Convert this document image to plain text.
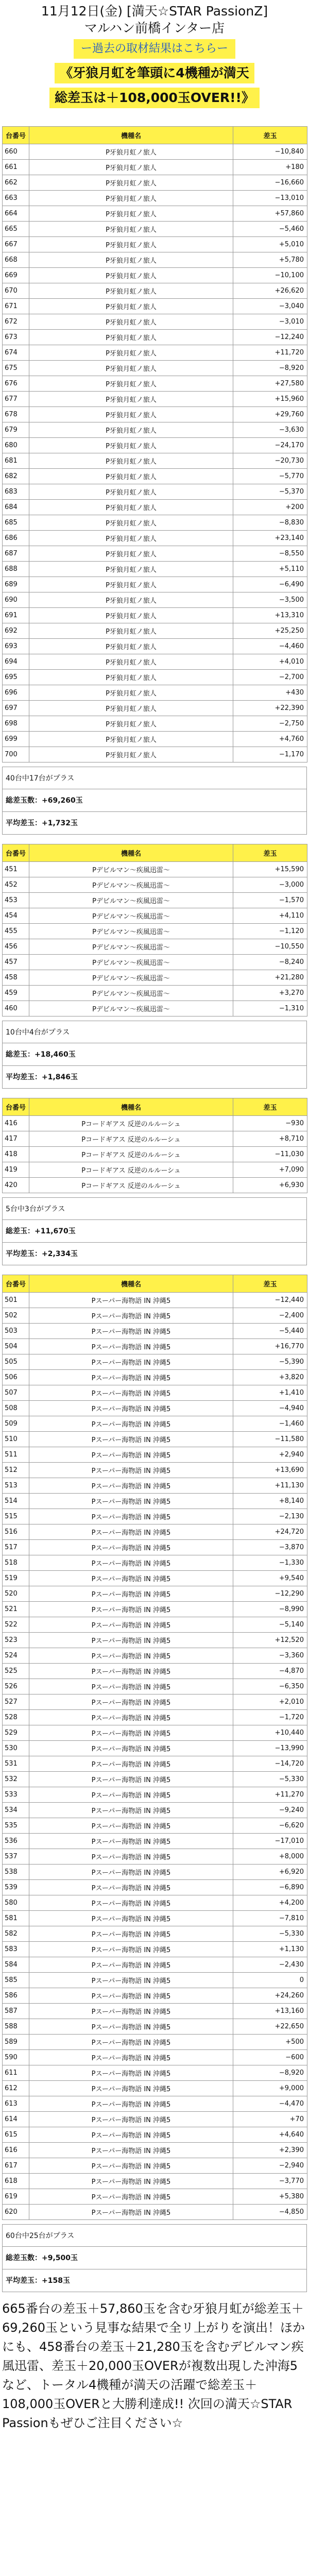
11月12日(金) [満天☆STAR PassionZ]
マルハン前橋インター店
ー過去の取材結果はこちらー
《牙狼月虹を筆頭に4機種が満天
総差玉は＋108,000玉OVER!!》
台番号	機種名	差玉
660	P牙狼月虹ノ旅人	−10,840
661	P牙狼月虹ノ旅人	+180
662	P牙狼月虹ノ旅人	−16,660
663	P牙狼月虹ノ旅人	−13,010
664	P牙狼月虹ノ旅人	+57,860
665	P牙狼月虹ノ旅人	−5,460
667	P牙狼月虹ノ旅人	+5,010
668	P牙狼月虹ノ旅人	+5,780
669	P牙狼月虹ノ旅人	−10,100
670	P牙狼月虹ノ旅人	+26,620
671	P牙狼月虹ノ旅人	−3,040
672	P牙狼月虹ノ旅人	−3,010
673	P牙狼月虹ノ旅人	−12,240
674	P牙狼月虹ノ旅人	+11,720
675	P牙狼月虹ノ旅人	−8,920
676	P牙狼月虹ノ旅人	+27,580
677	P牙狼月虹ノ旅人	+15,960
678	P牙狼月虹ノ旅人	+29,760
679	P牙狼月虹ノ旅人	−3,630
680	P牙狼月虹ノ旅人	−24,170
681	P牙狼月虹ノ旅人	−20,730
682	P牙狼月虹ノ旅人	−5,770
683	P牙狼月虹ノ旅人	−5,370
684	P牙狼月虹ノ旅人	+200
685	P牙狼月虹ノ旅人	−8,830
686	P牙狼月虹ノ旅人	+23,140
687	P牙狼月虹ノ旅人	−8,550
688	P牙狼月虹ノ旅人	+5,110
689	P牙狼月虹ノ旅人	−6,490
690	P牙狼月虹ノ旅人	−3,500
691	P牙狼月虹ノ旅人	+13,310
692	P牙狼月虹ノ旅人	+25,250
693	P牙狼月虹ノ旅人	−4,460
694	P牙狼月虹ノ旅人	+4,010
695	P牙狼月虹ノ旅人	−2,700
696	P牙狼月虹ノ旅人	+430
697	P牙狼月虹ノ旅人	+22,390
698	P牙狼月虹ノ旅人	−2,750
699	P牙狼月虹ノ旅人	+4,760
700	P牙狼月虹ノ旅人	−1,170
40台中17台がプラス
総差玉数：+69,260玉
平均差玉：+1,732玉
台番号	機種名	差玉
451	Pデビルマン〜疾風迅雷〜	+15,590
452	Pデビルマン〜疾風迅雷〜	−3,000
453	Pデビルマン〜疾風迅雷〜	−1,570
454	Pデビルマン〜疾風迅雷〜	+4,110
455	Pデビルマン〜疾風迅雷〜	−1,120
456	Pデビルマン〜疾風迅雷〜	−10,550
457	Pデビルマン〜疾風迅雷〜	−8,240
458	Pデビルマン〜疾風迅雷〜	+21,280
459	Pデビルマン〜疾風迅雷〜	+3,270
460	Pデビルマン〜疾風迅雷〜	−1,310
10台中4台がプラス
総差玉：+18,460玉
平均差玉：+1,846玉
台番号	機種名	差玉
416	Pコードギアス 反逆のルルーシュ	−930
417	Pコードギアス 反逆のルルーシュ	+8,710
418	Pコードギアス 反逆のルルーシュ	−11,030
419	Pコードギアス 反逆のルルーシュ	+7,090
420	Pコードギアス 反逆のルルーシュ	+6,930
5台中3台がプラス
総差玉：+11,670玉
平均差玉：+2,334玉
台番号	機種名	差玉
501	Pスーパー海物語 IN 沖縄5	−12,440
502	Pスーパー海物語 IN 沖縄5	−2,400
503	Pスーパー海物語 IN 沖縄5	−5,440
504	Pスーパー海物語 IN 沖縄5	+16,770
505	Pスーパー海物語 IN 沖縄5	−5,390
506	Pスーパー海物語 IN 沖縄5	+3,820
507	Pスーパー海物語 IN 沖縄5	+1,410
508	Pスーパー海物語 IN 沖縄5	−4,940
509	Pスーパー海物語 IN 沖縄5	−1,460
510	Pスーパー海物語 IN 沖縄5	−11,580
511	Pスーパー海物語 IN 沖縄5	+2,940
512	Pスーパー海物語 IN 沖縄5	+13,690
513	Pスーパー海物語 IN 沖縄5	+11,130
514	Pスーパー海物語 IN 沖縄5	+8,140
515	Pスーパー海物語 IN 沖縄5	−2,130
516	Pスーパー海物語 IN 沖縄5	+24,720
517	Pスーパー海物語 IN 沖縄5	−3,870
518	Pスーパー海物語 IN 沖縄5	−1,330
519	Pスーパー海物語 IN 沖縄5	+9,540
520	Pスーパー海物語 IN 沖縄5	−12,290
521	Pスーパー海物語 IN 沖縄5	−8,990
522	Pスーパー海物語 IN 沖縄5	−5,140
523	Pスーパー海物語 IN 沖縄5	+12,520
524	Pスーパー海物語 IN 沖縄5	−3,360
525	Pスーパー海物語 IN 沖縄5	−4,870
526	Pスーパー海物語 IN 沖縄5	−6,350
527	Pスーパー海物語 IN 沖縄5	+2,010
528	Pスーパー海物語 IN 沖縄5	−1,720
529	Pスーパー海物語 IN 沖縄5	+10,440
530	Pスーパー海物語 IN 沖縄5	−13,990
531	Pスーパー海物語 IN 沖縄5	−14,720
532	Pスーパー海物語 IN 沖縄5	−5,330
533	Pスーパー海物語 IN 沖縄5	+11,270
534	Pスーパー海物語 IN 沖縄5	−9,240
535	Pスーパー海物語 IN 沖縄5	−6,620
536	Pスーパー海物語 IN 沖縄5	−17,010
537	Pスーパー海物語 IN 沖縄5	+8,000
538	Pスーパー海物語 IN 沖縄5	+6,920
539	Pスーパー海物語 IN 沖縄5	−6,890
580	Pスーパー海物語 IN 沖縄5	+4,200
581	Pスーパー海物語 IN 沖縄5	−7,810
582	Pスーパー海物語 IN 沖縄5	−5,330
583	Pスーパー海物語 IN 沖縄5	+1,130
584	Pスーパー海物語 IN 沖縄5	−2,430
585	Pスーパー海物語 IN 沖縄5	0
586	Pスーパー海物語 IN 沖縄5	+24,260
587	Pスーパー海物語 IN 沖縄5	+13,160
588	Pスーパー海物語 IN 沖縄5	+22,650
589	Pスーパー海物語 IN 沖縄5	+500
590	Pスーパー海物語 IN 沖縄5	−600
611	Pスーパー海物語 IN 沖縄5	−8,920
612	Pスーパー海物語 IN 沖縄5	+9,000
613	Pスーパー海物語 IN 沖縄5	−4,470
614	Pスーパー海物語 IN 沖縄5	+70
615	Pスーパー海物語 IN 沖縄5	+4,640
616	Pスーパー海物語 IN 沖縄5	+2,390
617	Pスーパー海物語 IN 沖縄5	−2,940
618	Pスーパー海物語 IN 沖縄5	−3,770
619	Pスーパー海物語 IN 沖縄5	+5,380
620	Pスーパー海物語 IN 沖縄5	−4,850
60台中25台がプラス
総差玉数：+9,500玉
平均差玉：+158玉
665番台の差玉＋57,860玉を含む牙狼月虹が総差玉＋69,260玉という見事な結果で全リ上がりを演出！ほかにも、458番台の差玉＋21,280玉を含むデビルマン疾風迅雷、差玉＋20,000玉OVERが複数出現した沖海5など、トータル4機種が満天の活躍で総差玉＋108,000玉OVERと大勝利達成!! 次回の満天☆STAR Passionもぜひご注目ください☆
